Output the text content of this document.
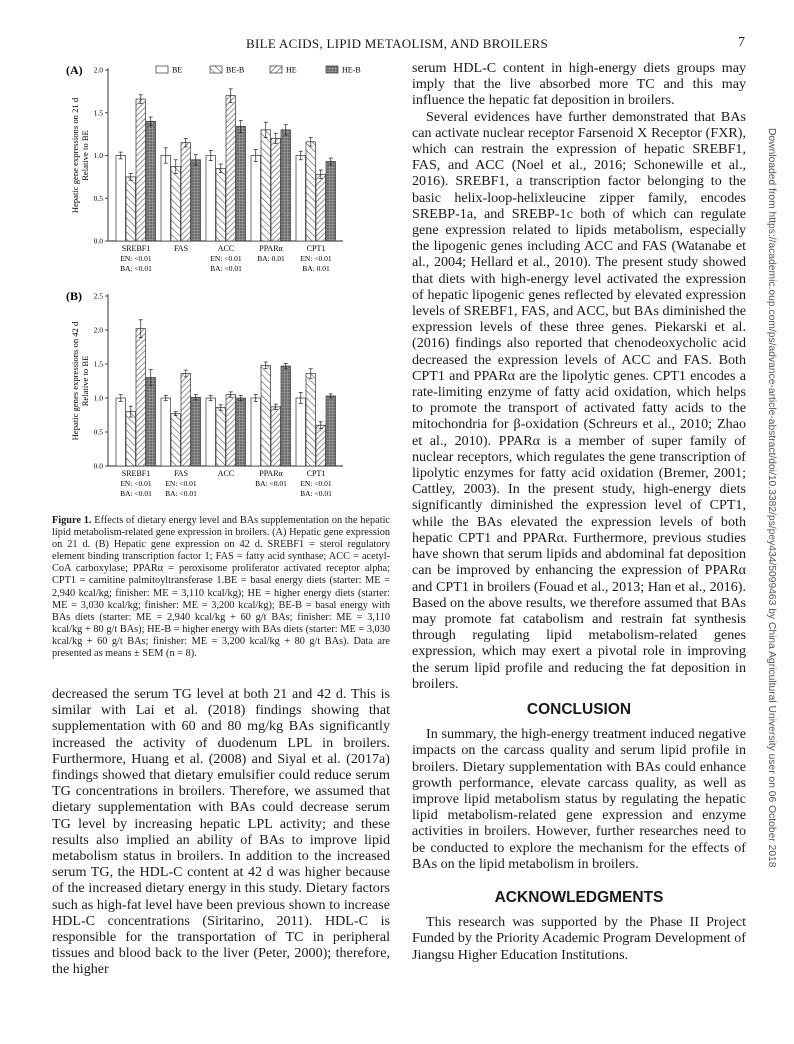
BILE ACIDS, LIPID METAOLISM, AND BROILERS	7
Downloaded from https://academic.oup.com/ps/advance-article-abstract/doi/10.3382/ps/pey434/5099463 by China Agricultural University user on 06 October 2018
(A)
Hepatic gene expressions on 21 d Relative to BE
0.0
0.5
1.0
1.5
2.0
SREBF1
EN: <0.01
BA: <0.01
FAS	ACC
EN: <0.01
BA: <0.01
PPARα
BA: 0.01
CPT1
EN: <0.01
BA: 0.01
BE	BE-B	HE	HE-B
(B)
Hepatic genes expressions on 42 d Relative to BE
0.0
0.5
1.0
1.5
2.0
2.5
SREBF1
EN: <0.01
BA: <0.01
FAS
EN: <0.01
BA: <0.01
ACC	PPARα
BA: <0.01
CPT1
EN: <0.01
BA: <0.01
Figure 1. Effects of dietary energy level and BAs supplementation on the hepatic lipid metabolism-related gene expression in broilers. (A) Hepatic gene expression on 21 d. (B) Hepatic gene expression on 42 d. SREBF1 = sterol regulatory element binding transcription factor 1; FAS = fatty acid synthase; ACC = acetyl-CoA carboxylase; PPARα = peroxisome proliferator activated receptor alpha; CPT1 = carnitine palmitoyltransferase 1.BE = basal energy diets (starter: ME = 2,940 kcal/kg; finisher: ME = 3,110 kcal/kg); HE = higher energy diets (starter: ME = 3,030 kcal/kg; finisher: ME = 3,200 kcal/kg); BE-B = basal energy with BAs diets (starter: ME = 2,940 kcal/kg + 60 g/t BAs; finisher: ME = 3,110 kcal/kg + 80 g/t BAs); HE-B = higher energy with BAs diets (starter: ME = 3,030 kcal/kg + 60 g/t BAs; finisher: ME = 3,200 kcal/kg + 80 g/t BAs). Data are presented as means ± SEM (n = 8).

decreased the serum TG level at both 21 and 42 d. This is similar with Lai et al. (2018) findings showing that supplementation with 60 and 80 mg/kg BAs significantly increased the activity of duodenum LPL in broilers. Furthermore, Huang et al. (2008) and Siyal et al. (2017a) findings showed that dietary emulsifier could reduce serum TG concentrations in broilers. Therefore, we assumed that dietary supplementation with BAs could decrease serum TG level by increasing hepatic LPL activity; and these results also implied an ability of BAs to improve lipid metabolism status in broilers. In addition to the increased serum TG, the HDL-C content at 42 d was higher because of the increased dietary energy in this study. Dietary factors such as high-fat level have been previous shown to increase HDL-C concentrations (Siritarino, 2011). HDL-C is responsible for the transportation of TC in peripheral tissues and blood back to the liver (Peter, 2000); therefore, the higher

serum HDL-C content in high-energy diets groups may imply that the live absorbed more TC and this may influence the hepatic fat deposition in broilers.

Several evidences have further demonstrated that BAs can activate nuclear receptor Farsenoid X Receptor (FXR), which can restrain the expression of hepatic SREBF1, FAS, and ACC (Noel et al., 2016; Schonewille et al., 2016). SREBF1, a transcription factor belonging to the basic helix-loop-helixleucine zipper family, encodes SREBP-1a, and SREBP-1c both of which can regulate gene expression related to lipids metabolism, especially the lipogenic genes including ACC and FAS (Watanabe et al., 2004; Hellard et al., 2010). The present study showed that diets with high-energy level activated the expression of hepatic lipogenic genes reflected by elevated expression levels of SREBF1, FAS, and ACC, but BAs diminished the expression levels of these three genes. Piekarski et al. (2016) findings also reported that chenodeoxycholic acid decreased the expression levels of ACC and FAS. Both CPT1 and PPARα are the lipolytic genes. CPT1 encodes a rate-limiting enzyme of fatty acid oxidation, which helps to promote the transport of activated fatty acids to the mitochondria for β-oxidation (Schreurs et al., 2010; Zhao et al., 2010). PPARα is a member of super family of nuclear receptors, which regulates the gene transcription of lipolytic enzymes for fatty acid oxidation (Bremer, 2001; Cattley, 2003). In the present study, high-energy diets significantly diminished the expression level of CPT1, while the BAs elevated the expression levels of both hepatic CPT1 and PPARα. Furthermore, previous studies have shown that serum lipids and abdominal fat deposition can be improved by enhancing the expression of PPARα and CPT1 in broilers (Fouad et al., 2013; Han et al., 2016). Based on the above results, we therefore assumed that BAs may promote fat catabolism and restrain fat synthesis through regulating lipid metabolism-related genes expression, which may exert a pivotal role in improving the serum lipid profile and reducing the fat deposition in broilers.

CONCLUSION

In summary, the high-energy treatment induced negative impacts on the carcass quality and serum lipid profile in broilers. Dietary supplementation with BAs could enhance growth performance, elevate carcass quality, as well as improve lipid metabolism status by regulating the hepatic lipid metabolism-related gene expression and enzyme activities in broilers. However, further researches need to be conducted to explore the mechanism for the effects of BAs on the lipid metabolism in broilers.

ACKNOWLEDGMENTS

This research was supported by the Phase II Project Funded by the Priority Academic Program Development of Jiangsu Higher Education Institutions.
